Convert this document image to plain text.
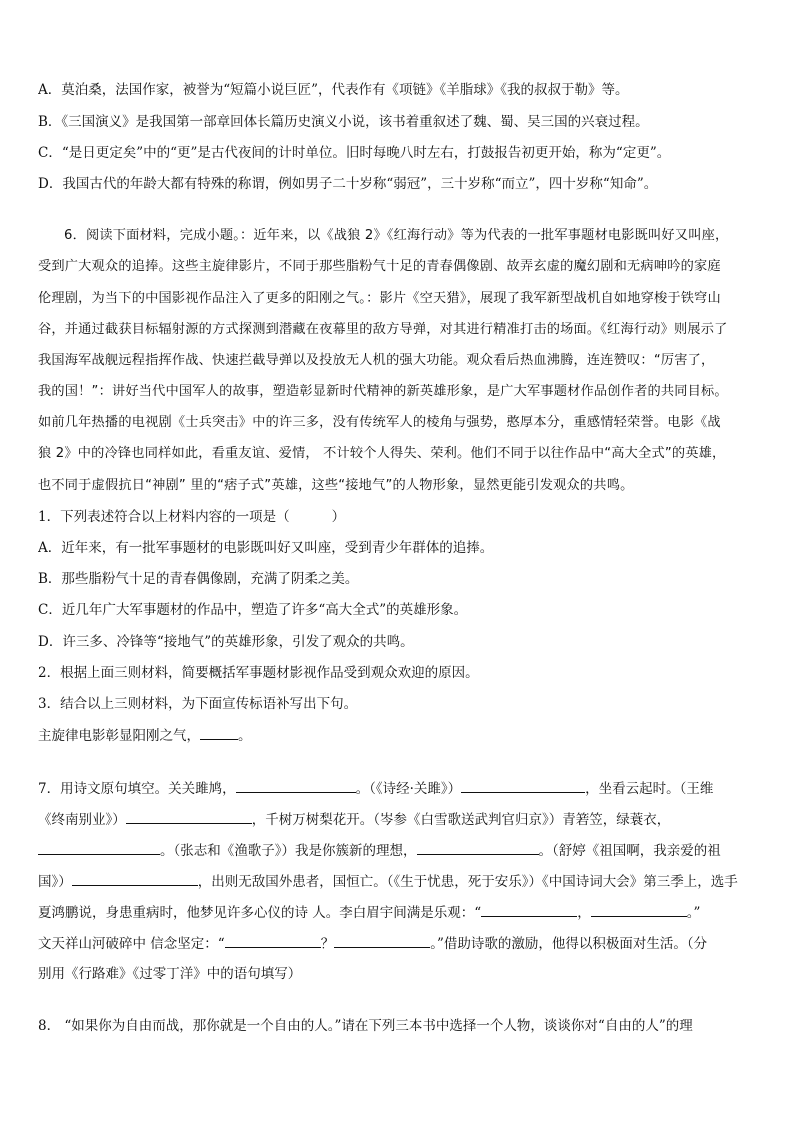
A．莫泊桑，法国作家，被誉为“短篇小说巨匠”，代表作有《项链》《羊脂球》《我的叔叔于勒》等。
B．《三国演义》是我国第一部章回体长篇历史演义小说，该书着重叙述了魏、蜀、吴三国的兴衰过程。
C．“是日更定矣”中的“更”是古代夜间的计时单位。旧时每晚八时左右，打鼓报告初更开始，称为“定更”。
D．我国古代的年龄大都有特殊的称谓，例如男子二十岁称“弱冠”，三十岁称“而立”，四十岁称“知命”。
6．阅读下面材料，完成小题。：近年来，以《战狼 2》《红海行动》等为代表的一批军事题材电影既叫好又叫座，
受到广大观众的追捧。这些主旋律影片，不同于那些脂粉气十足的青春偶像剧、故弄玄虚的魔幻剧和无病呻吟的家庭
伦理剧，为当下的中国影视作品注入了更多的阳刚之气。：影片《空天猎》，展现了我军新型战机自如地穿梭于铁穹山
谷，并通过截获目标辐射源的方式探测到潜藏在夜幕里的敌方导弹，对其进行精准打击的场面。《红海行动》则展示了
我国海军战舰远程指挥作战、快速拦截导弹以及投放无人机的强大功能。观众看后热血沸腾，连连赞叹：“厉害了，
我的国！”：讲好当代中国军人的故事，塑造彰显新时代精神的新英雄形象，是广大军事题材作品创作者的共同目标。
如前几年热播的电视剧《士兵突击》中的许三多，没有传统军人的棱角与强势，憨厚本分，重感情轻荣誉。电影《战
狼 2》中的冷锋也同样如此，看重友谊、爱情， 不计较个人得失、荣利。他们不同于以往作品中“高大全式”的英雄，
也不同于虚假抗日“神剧” 里的“痞子式”英雄，这些“接地气”的人物形象，显然更能引发观众的共鸣。
1．下列表述符合以上材料内容的一项是（	）
A．近年来，有一批军事题材的电影既叫好又叫座，受到青少年群体的追捧。
B．那些脂粉气十足的青春偶像剧，充满了阴柔之美。
C．近几年广大军事题材的作品中，塑造了许多“高大全式”的英雄形象。
D．许三多、冷锋等“接地气”的英雄形象，引发了观众的共鸣。
2．根据上面三则材料，简要概括军事题材影视作品受到观众欢迎的原因。
3．结合以上三则材料，为下面宣传标语补写出下句。
主旋律电影彰显阳刚之气，	。
7．用诗文原句填空。关关雎鸠，	。（《诗经·关雎》）	，坐看云起时。（王维
《终南别业》）	，千树万树梨花开。（岑参《白雪歌送武判官归京》）青箬笠，绿蓑衣，
。（张志和《渔歌子》）我是你簇新的理想，	。（舒婷《祖国啊，我亲爱的祖
国》）	，出则无敌国外患者，国恒亡。（《生于忧患，死于安乐》）《中国诗词大会》第三季上，选手
夏鸿鹏说，身患重病时，他梦见许多心仪的诗 人。李白眉宇间满是乐观：“	，	。”
文天祥山河破碎中 信念坚定：“	？	。”借助诗歌的激励，他得以积极面对生活。（分
别用《行路难》《过零丁洋》中的语句填写）
8． “如果你为自由而战，那你就是一个自由的人。”请在下列三本书中选择一个人物，谈谈你对“自由的人”的理
